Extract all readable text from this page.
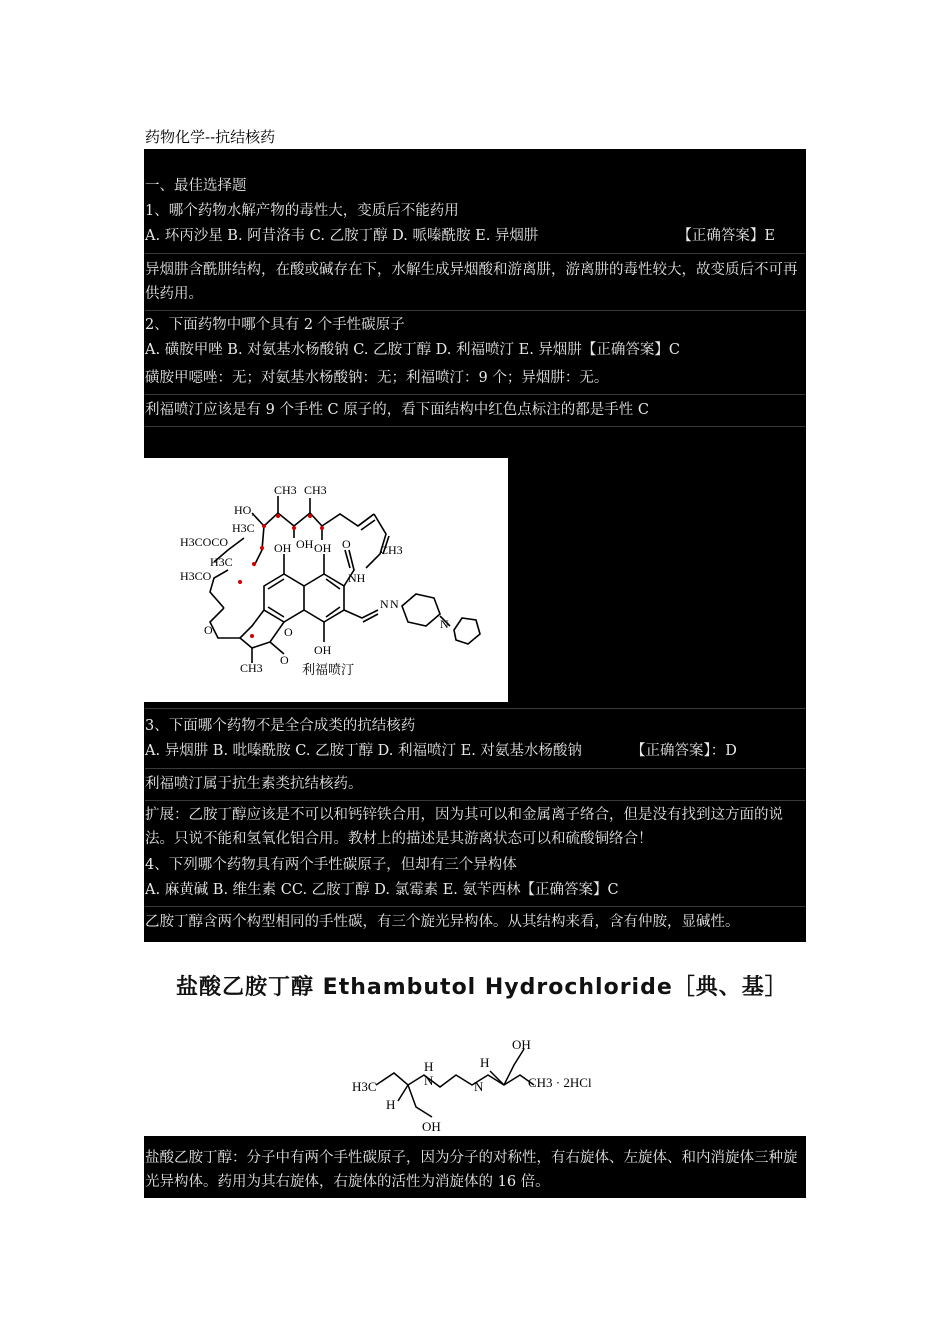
药物化学--抗结核药
一、最佳选择题
1、哪个药物水解产物的毒性大，变质后不能药用
A. 环丙沙星 B. 阿昔洛韦 C. 乙胺丁醇 D. 哌嗪酰胺 E. 异烟肼	【正确答案】E
异烟肼含酰肼结构，在酸或碱存在下，水解生成异烟酸和游离肼，游离肼的毒性较大，故变质后不可再供药用。
2、下面药物中哪个具有 2 个手性碳原子
A. 磺胺甲唑 B. 对氨基水杨酸钠 C. 乙胺丁醇 D. 利福喷汀 E. 异烟肼【正确答案】C
磺胺甲噁唑：无；对氨基水杨酸钠：无；利福喷汀：9 个；异烟肼：无。
利福喷汀应该是有 9 个手性 C 原子的，看下面结构中红色点标注的都是手性 C
CH3 CH3
HO,
OH
H3C
H3COCO	OH OH O CH3
H3C
NH
H3CO
N N
N
O	O
OH
O
CH3	利福喷汀
3、下面哪个药物不是全合成类的抗结核药
A. 异烟肼 B. 吡嗪酰胺 C. 乙胺丁醇 D. 利福喷汀 E. 对氨基水杨酸钠	【正确答案】：D
利福喷汀属于抗生素类抗结核药。
扩展：乙胺丁醇应该是不可以和钙锌铁合用，因为其可以和金属离子络合，但是没有找到这方面的说法。只说不能和氢氧化铝合用。教材上的描述是其游离状态可以和硫酸铜络合！
4、下列哪个药物具有两个手性碳原子，但却有三个异构体
A. 麻黄碱 B. 维生素 CC. 乙胺丁醇 D. 氯霉素 E. 氨苄西林【正确答案】C
乙胺丁醇含两个构型相同的手性碳，有三个旋光异构体。从其结构来看，含有仲胺，显碱性。
盐酸乙胺丁醇 Ethambutol Hydrochloride［典、基］
OH
H
H3C	N	N	CH3 · 2HCl
H
H
OH
盐酸乙胺丁醇：分子中有两个手性碳原子，因为分子的对称性，有右旋体、左旋体、和内消旋体三种旋光异构体。药用为其右旋体，右旋体的活性为消旋体的 16 倍。
